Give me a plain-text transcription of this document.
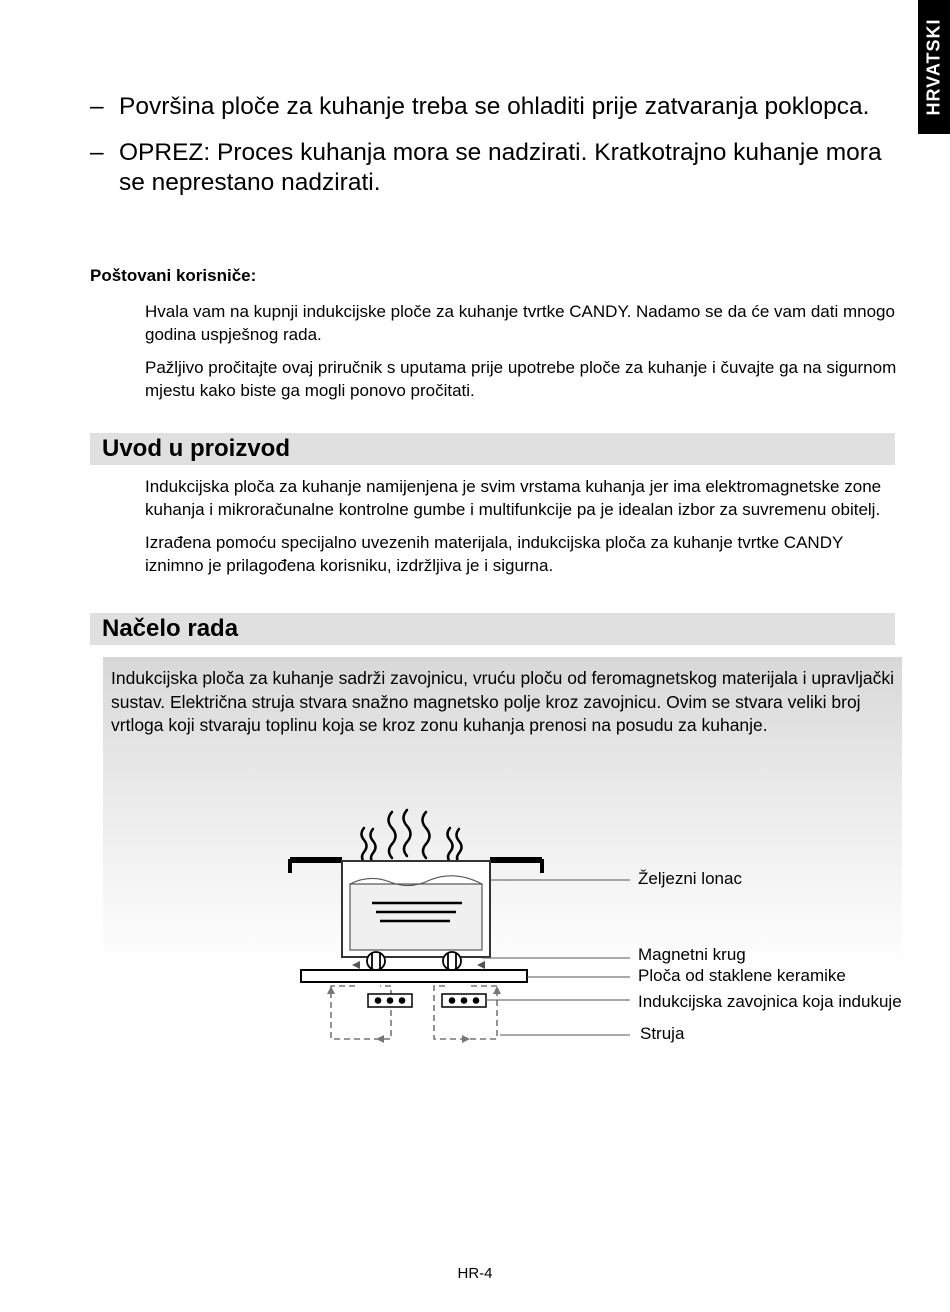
HRVATSKI
– Površina ploče za kuhanje treba se ohladiti prije zatvaranja poklopca.
– OPREZ: Proces kuhanja mora se nadzirati. Kratkotrajno kuhanje mora se neprestano nadzirati.
Poštovani korisniče:

Hvala vam na kupnji indukcijske ploče za kuhanje tvrtke CANDY. Nadamo se da će vam dati mnogo godina uspješnog rada.

Pažljivo pročitajte ovaj priručnik s uputama prije upotrebe ploče za kuhanje i čuvajte ga na sigurnom mjestu kako biste ga mogli ponovo pročitati.

Uvod u proizvod

Indukcijska ploča za kuhanje namijenjena je svim vrstama kuhanja jer ima elektromagnetske zone kuhanja i mikroračunalne kontrolne gumbe i multifunkcije pa je idealan izbor za suvremenu obitelj.

Izrađena pomoću specijalno uvezenih materijala, indukcijska ploča za kuhanje tvrtke CANDY iznimno je prilagođena korisniku, izdržljiva je i sigurna.

Načelo rada
Indukcijska ploča za kuhanje sadrži zavojnicu, vruću ploču od feromagnetskog materijala i upravljački sustav. Električna struja stvara snažno magnetsko polje kroz zavojnicu. Ovim se stvara veliki broj vrtloga koji stvaraju toplinu koja se kroz zonu kuhanja prenosi na posudu za kuhanje.
Željezni lonac
Magnetni krug
Ploča od staklene keramike
Indukcijska zavojnica koja indukuje
Struja
HR-4
